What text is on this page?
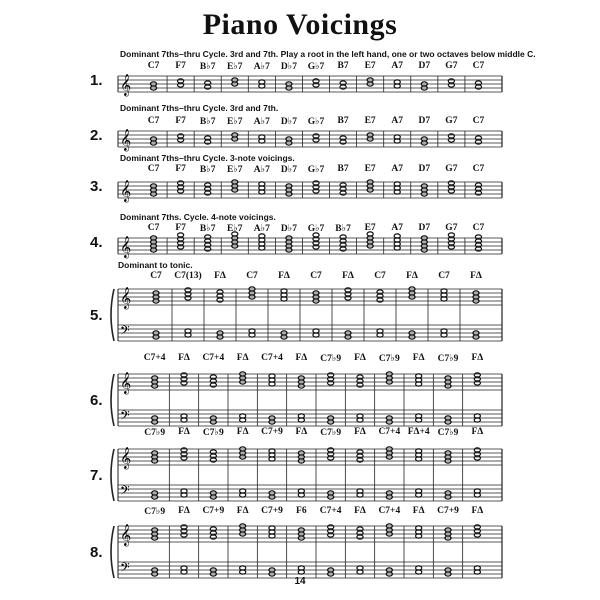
Piano Voicings
Dominant 7ths–thru Cycle. 3rd and 7th. Play a root in the left hand, one or two octaves below middle C.
𝄞
C7 F7 B♭7 E♭7 A♭7 D♭7 G♭7 B7 E7 A7 D7 G7 C7
1.
Dominant 7ths–thru Cycle. 3rd and 7th.
𝄞
C7 F7 B♭7 E♭7 A♭7 D♭7 G♭7 B7 E7 A7 D7 G7 C7
2.
Dominant 7ths–thru Cycle. 3-note voicings.
𝄞
C7 F7 B♭7 E♭7 A♭7 D♭7 G♭7 B7 E7 A7 D7 G7 C7
3.
Dominant 7ths. Cycle. 4-note voicings.
𝄞
C7 F7 B♭7 E♭7 A♭7 D♭7 G♭7 B♭7 E7 A7 D7 G7 C7
4.
Dominant to tonic.
𝄞
𝄢
C7 C7(13) FΔ C7 FΔ C7 FΔ C7 FΔ C7 FΔ
5.
𝄞
𝄢
C7+4 FΔ C7+4 FΔ C7+4 FΔ C7♭9 FΔ C7♭9 FΔ C7♭9 FΔ
6.
𝄞
𝄢
C7♭9 FΔ C7♭9 FΔ C7+9 FΔ C7♭9 FΔ C7+4 FΔ+4 C7♭9 FΔ
7.
𝄞
𝄢
C7♭9 FΔ C7+9 FΔ C7+9 F6 C7+4 FΔ C7+4 FΔ C7+9 FΔ
8.
14
